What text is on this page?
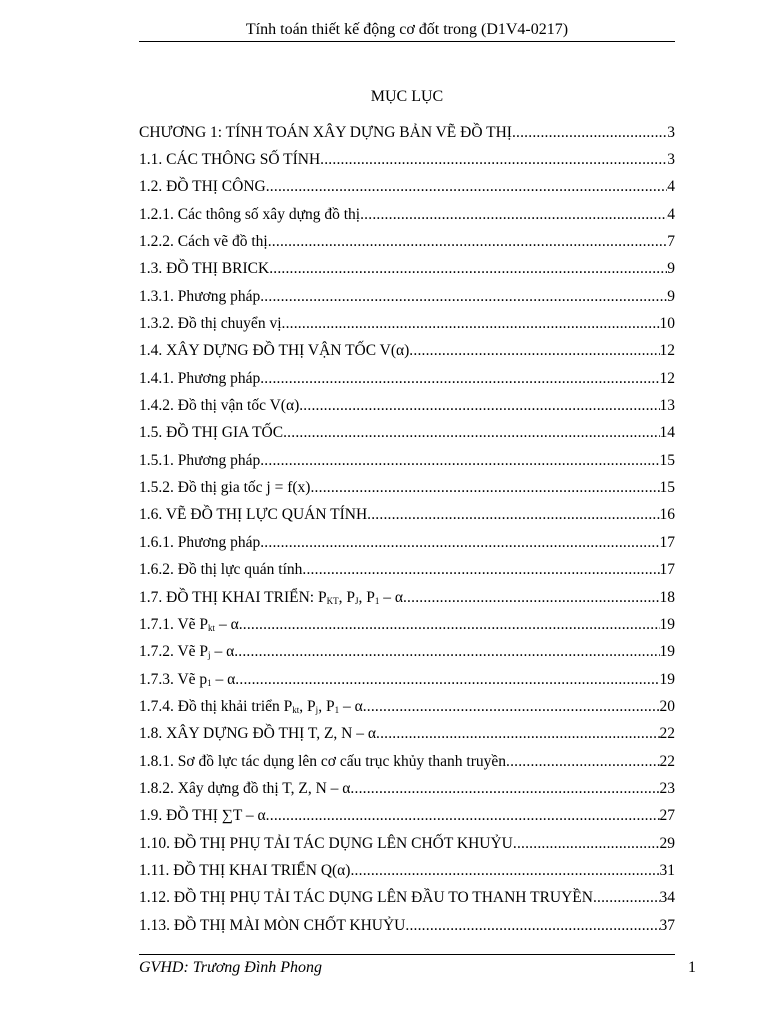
Tính toán thiết kế động cơ đốt trong (D1V4-0217)
MỤC LỤC
CHƯƠNG 1: TÍNH TOÁN XÂY DỰNG BẢN VẼ ĐỒ THỊ .....	3
1.1. CÁC THÔNG SỐ TÍNH .....	3
1.2. ĐỒ THỊ CÔNG .....	4
1.2.1. Các thông số xây dựng đồ thị .....	4
1.2.2. Cách vẽ đồ thị .....	7
1.3. ĐỒ THỊ BRICK .....	9
1.3.1. Phương pháp .....	9
1.3.2. Đồ thị chuyển vị .....	10
1.4. XÂY DỰNG ĐỒ THỊ VẬN TỐC V(α) .....	12
1.4.1. Phương pháp .....	12
1.4.2. Đồ thị vận tốc V(α) .....	13
1.5. ĐỒ THỊ GIA TỐC .....	14
1.5.1. Phương pháp .....	15
1.5.2. Đồ thị gia tốc j = f(x) .....	15
1.6. VẼ ĐỒ THỊ LỰC QUÁN TÍNH .....	16
1.6.1. Phương pháp .....	17
1.6.2. Đồ thị lực quán tính .....	17
1.7. ĐỒ THỊ KHAI TRIỂN: $P_{KT}$, $P_J$, $P_1$ – α .....	18
1.7.1. Vẽ $P_{kt}$ – α .....	19
1.7.2. Vẽ $P_j$ – α .....	19
1.7.3. Vẽ $p_1$ – α .....	19
1.7.4. Đồ thị khải triển $P_{kt}$, $P_j$, $P_1$ – α .....	20
1.8. XÂY DỰNG ĐỒ THỊ T, Z, N – α .....	22
1.8.1. Sơ đồ lực tác dụng lên cơ cấu trục khủy thanh truyền .....	22
1.8.2. Xây dựng đồ thị T, Z, N – α .....	23
1.9. ĐỒ THỊ ∑T – α .....	27
1.10. ĐỒ THỊ PHỤ TẢI TÁC DỤNG LÊN CHỐT KHUỶU .....	29
1.11. ĐỒ THỊ KHAI TRIỂN Q(α) .....	31
1.12. ĐỒ THỊ PHỤ TẢI TÁC DỤNG LÊN ĐẦU TO THANH TRUYỀN .....	34
1.13. ĐỒ THỊ MÀI MÒN CHỐT KHUỶU .....	37
GVHD: Trương Đình Phong	1
